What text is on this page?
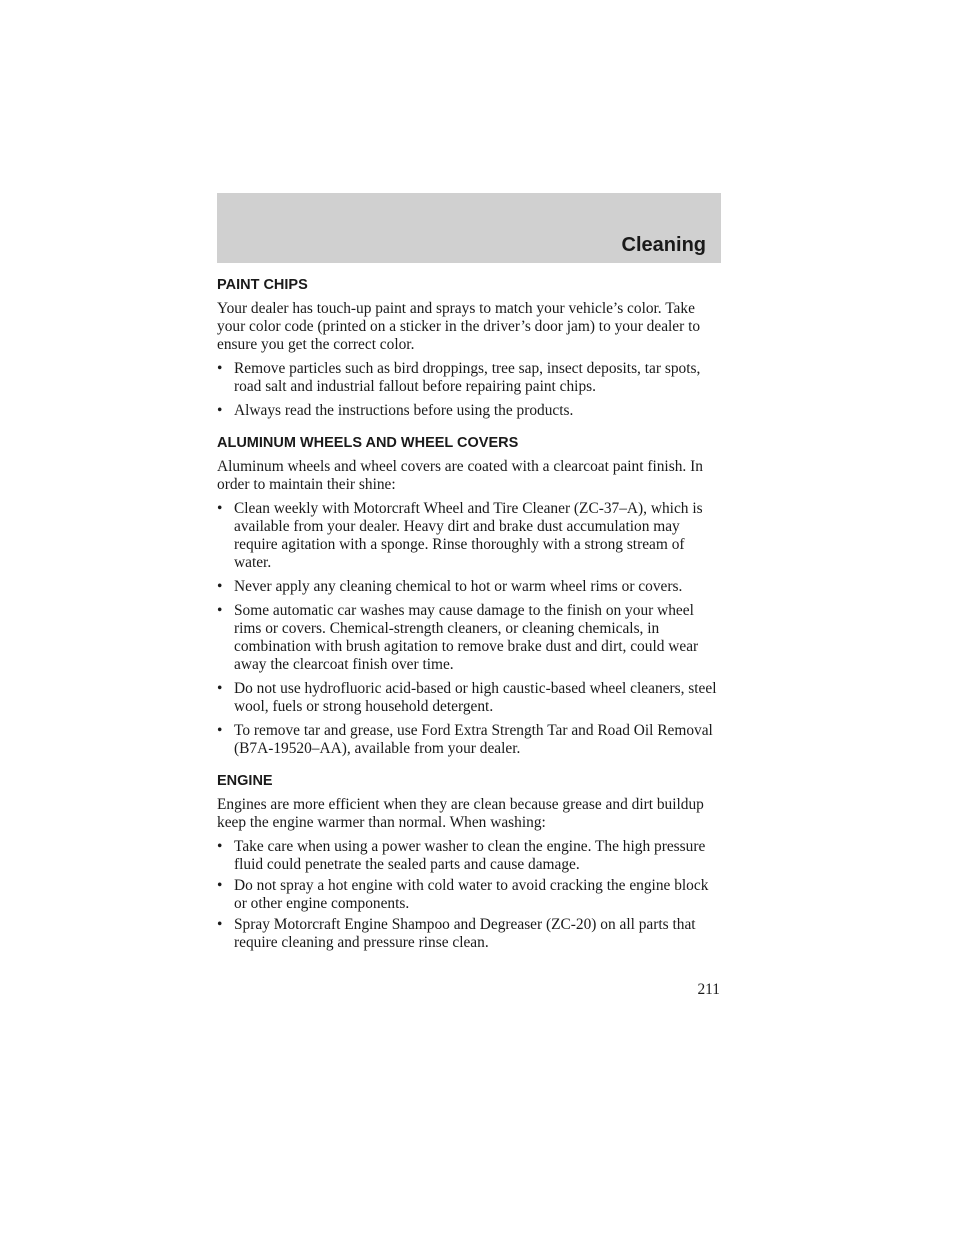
Cleaning
PAINT CHIPS

Your dealer has touch-up paint and sprays to match your vehicle’s color. Take your color code (printed on a sticker in the driver’s door jam) to your dealer to ensure you get the correct color.

• Remove particles such as bird droppings, tree sap, insect deposits, tar spots, road salt and industrial fallout before repairing paint chips.
• Always read the instructions before using the products.
ALUMINUM WHEELS AND WHEEL COVERS

Aluminum wheels and wheel covers are coated with a clearcoat paint finish. In order to maintain their shine:

• Clean weekly with Motorcraft Wheel and Tire Cleaner (ZC-37–A), which is available from your dealer. Heavy dirt and brake dust accumulation may require agitation with a sponge. Rinse thoroughly with a strong stream of water.
• Never apply any cleaning chemical to hot or warm wheel rims or covers.
• Some automatic car washes may cause damage to the finish on your wheel rims or covers. Chemical-strength cleaners, or cleaning chemicals, in combination with brush agitation to remove brake dust and dirt, could wear away the clearcoat finish over time.
• Do not use hydrofluoric acid-based or high caustic-based wheel cleaners, steel wool, fuels or strong household detergent.
• To remove tar and grease, use Ford Extra Strength Tar and Road Oil Removal (B7A-19520–AA), available from your dealer.
ENGINE

Engines are more efficient when they are clean because grease and dirt buildup keep the engine warmer than normal. When washing:

• Take care when using a power washer to clean the engine. The high pressure fluid could penetrate the sealed parts and cause damage.
• Do not spray a hot engine with cold water to avoid cracking the engine block or other engine components.
• Spray Motorcraft Engine Shampoo and Degreaser (ZC-20) on all parts that require cleaning and pressure rinse clean.
211
